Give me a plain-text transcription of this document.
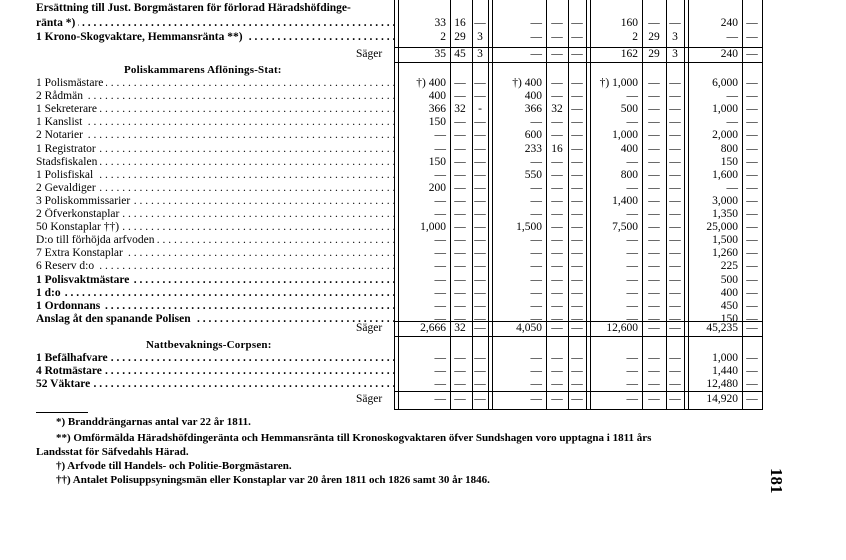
Ersättning till Just. Borgmästaren för förlorad Häradshöfdinge-
ränta *) . . .	33 16 —	— — —	160 — —	240 —
1 Krono-Skogvaktare, Hemmansränta **) . . .	2 29 3	— — —	2 29	3	— —
Säger	35 45 3	— — —	162 29	3	240 —
Poliskammarens Aflönings-Stat:
1 Polismästare . . .	†) 400 — —	†) 400 — —	†) 1,000 — —	6,000 —
2 Rådmän . . .	400 — —	400 — —	— — —	— —
1 Sekreterare . . .	366 32	-	366 32 —	500 — —	1,000 —
1 Kanslist . . .	150 — —	— — —	— — —	— —
2 Notarier . . .	— — —	600 — —	1,000 — —	2,000 —
1 Registrator . . .	— — —	233 16 —	400 — —	800 —
Stadsfiskalen . . .	150 — —	— — —	— — —	150 —
1 Polisfiskal . . .	— — —	550 — —	800 — —	1,600 —
2 Gevaldiger . . .	200 — —	— — —	— — —	— —
3 Poliskommissarier . . .	— — —	— — —	1,400 — —	3,000 —
2 Öfverkonstaplar . . .	— — —	— — —	— — —	1,350 —
50 Konstaplar ††) . . .	1,000 — —	1,500 — —	7,500 — —	25,000 —
D:o till förhöjda arfvoden . . .	— — —	— — —	— — —	1,500 —
7 Extra Konstaplar . . .	— — —	— — —	— — —	1,260 —
6 Reserv d:o . . .	— — —	— — —	— — —	225 —
1 Polisvaktmästare . . .	— — —	— — —	— — —	500 —
1 d:o . . .	— — —	— — —	— — —	400 —
1 Ordonnans . . .	— — —	— — —	— — —	450 —
Anslag åt den spanande Polisen . . .	— — —	— — —	— — —	150 —
Säger	2,666 32 —	4,050 — —	12,600 — —	45,235 —
Nattbevaknings-Corpsen:
1 Befälhafvare . . .	— — —	— — —	— — —	1,000 —
4 Rotmästare . . .	— — —	— — —	— — —	1,440 —
52 Väktare . . .	— — —	— — —	— — —	12,480 —
Säger	— — —	— — —	— — —	14,920 —
*) Branddrängarnas antal var 22 år 1811.
**) Omförmälda Häradshöfdingeränta och Hemmansränta till Kronoskogvaktaren öfver Sundshagen voro upptagna i 1811 års
Landsstat för Säfvedahls Härad.
†) Arfvode till Handels- och Politie-Borgmästaren.
††) Antalet Polisuppsyningsmän eller Konstaplar var 20 åren 1811 och 1826 samt 30 år 1846.	181
